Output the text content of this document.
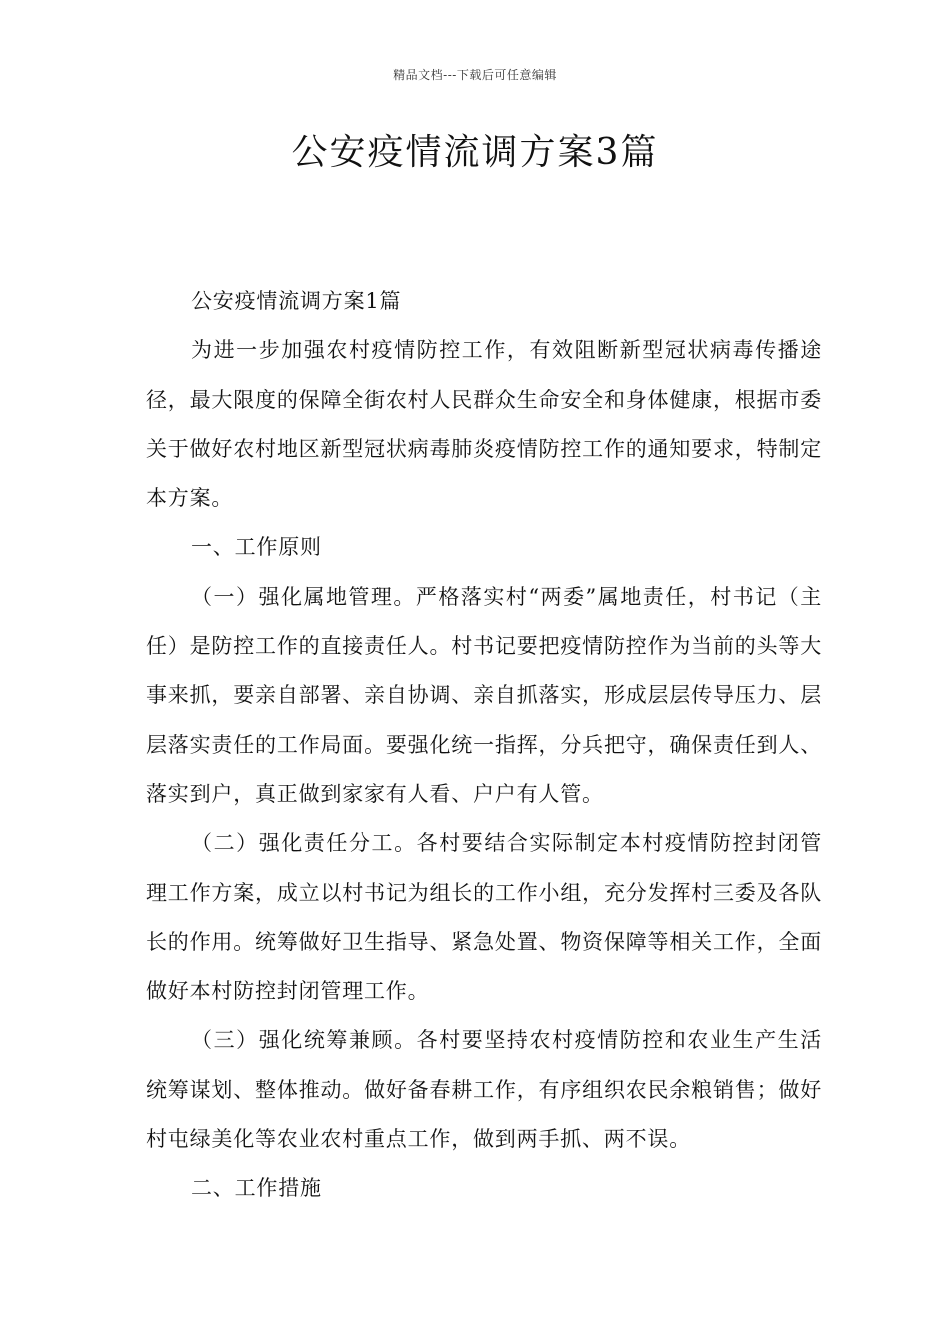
精品文档---下载后可任意编辑
公安疫情流调方案3篇

公安疫情流调方案1篇

为进一步加强农村疫情防控工作，有效阻断新型冠状病毒传播途径，最大限度的保障全街农村人民群众生命安全和身体健康，根据市委关于做好农村地区新型冠状病毒肺炎疫情防控工作的通知要求，特制定本方案。

一、工作原则

（一）强化属地管理。严格落实村“两委”属地责任，村书记（主任）是防控工作的直接责任人。村书记要把疫情防控作为当前的头等大事来抓，要亲自部署、亲自协调、亲自抓落实，形成层层传导压力、层层落实责任的工作局面。要强化统一指挥，分兵把守，确保责任到人、落实到户，真正做到家家有人看、户户有人管。

（二）强化责任分工。各村要结合实际制定本村疫情防控封闭管理工作方案，成立以村书记为组长的工作小组，充分发挥村三委及各队长的作用。统筹做好卫生指导、紧急处置、物资保障等相关工作，全面做好本村防控封闭管理工作。

（三）强化统筹兼顾。各村要坚持农村疫情防控和农业生产生活统筹谋划、整体推动。做好备春耕工作，有序组织农民余粮销售；做好村屯绿美化等农业农村重点工作，做到两手抓、两不误。

二、工作措施
